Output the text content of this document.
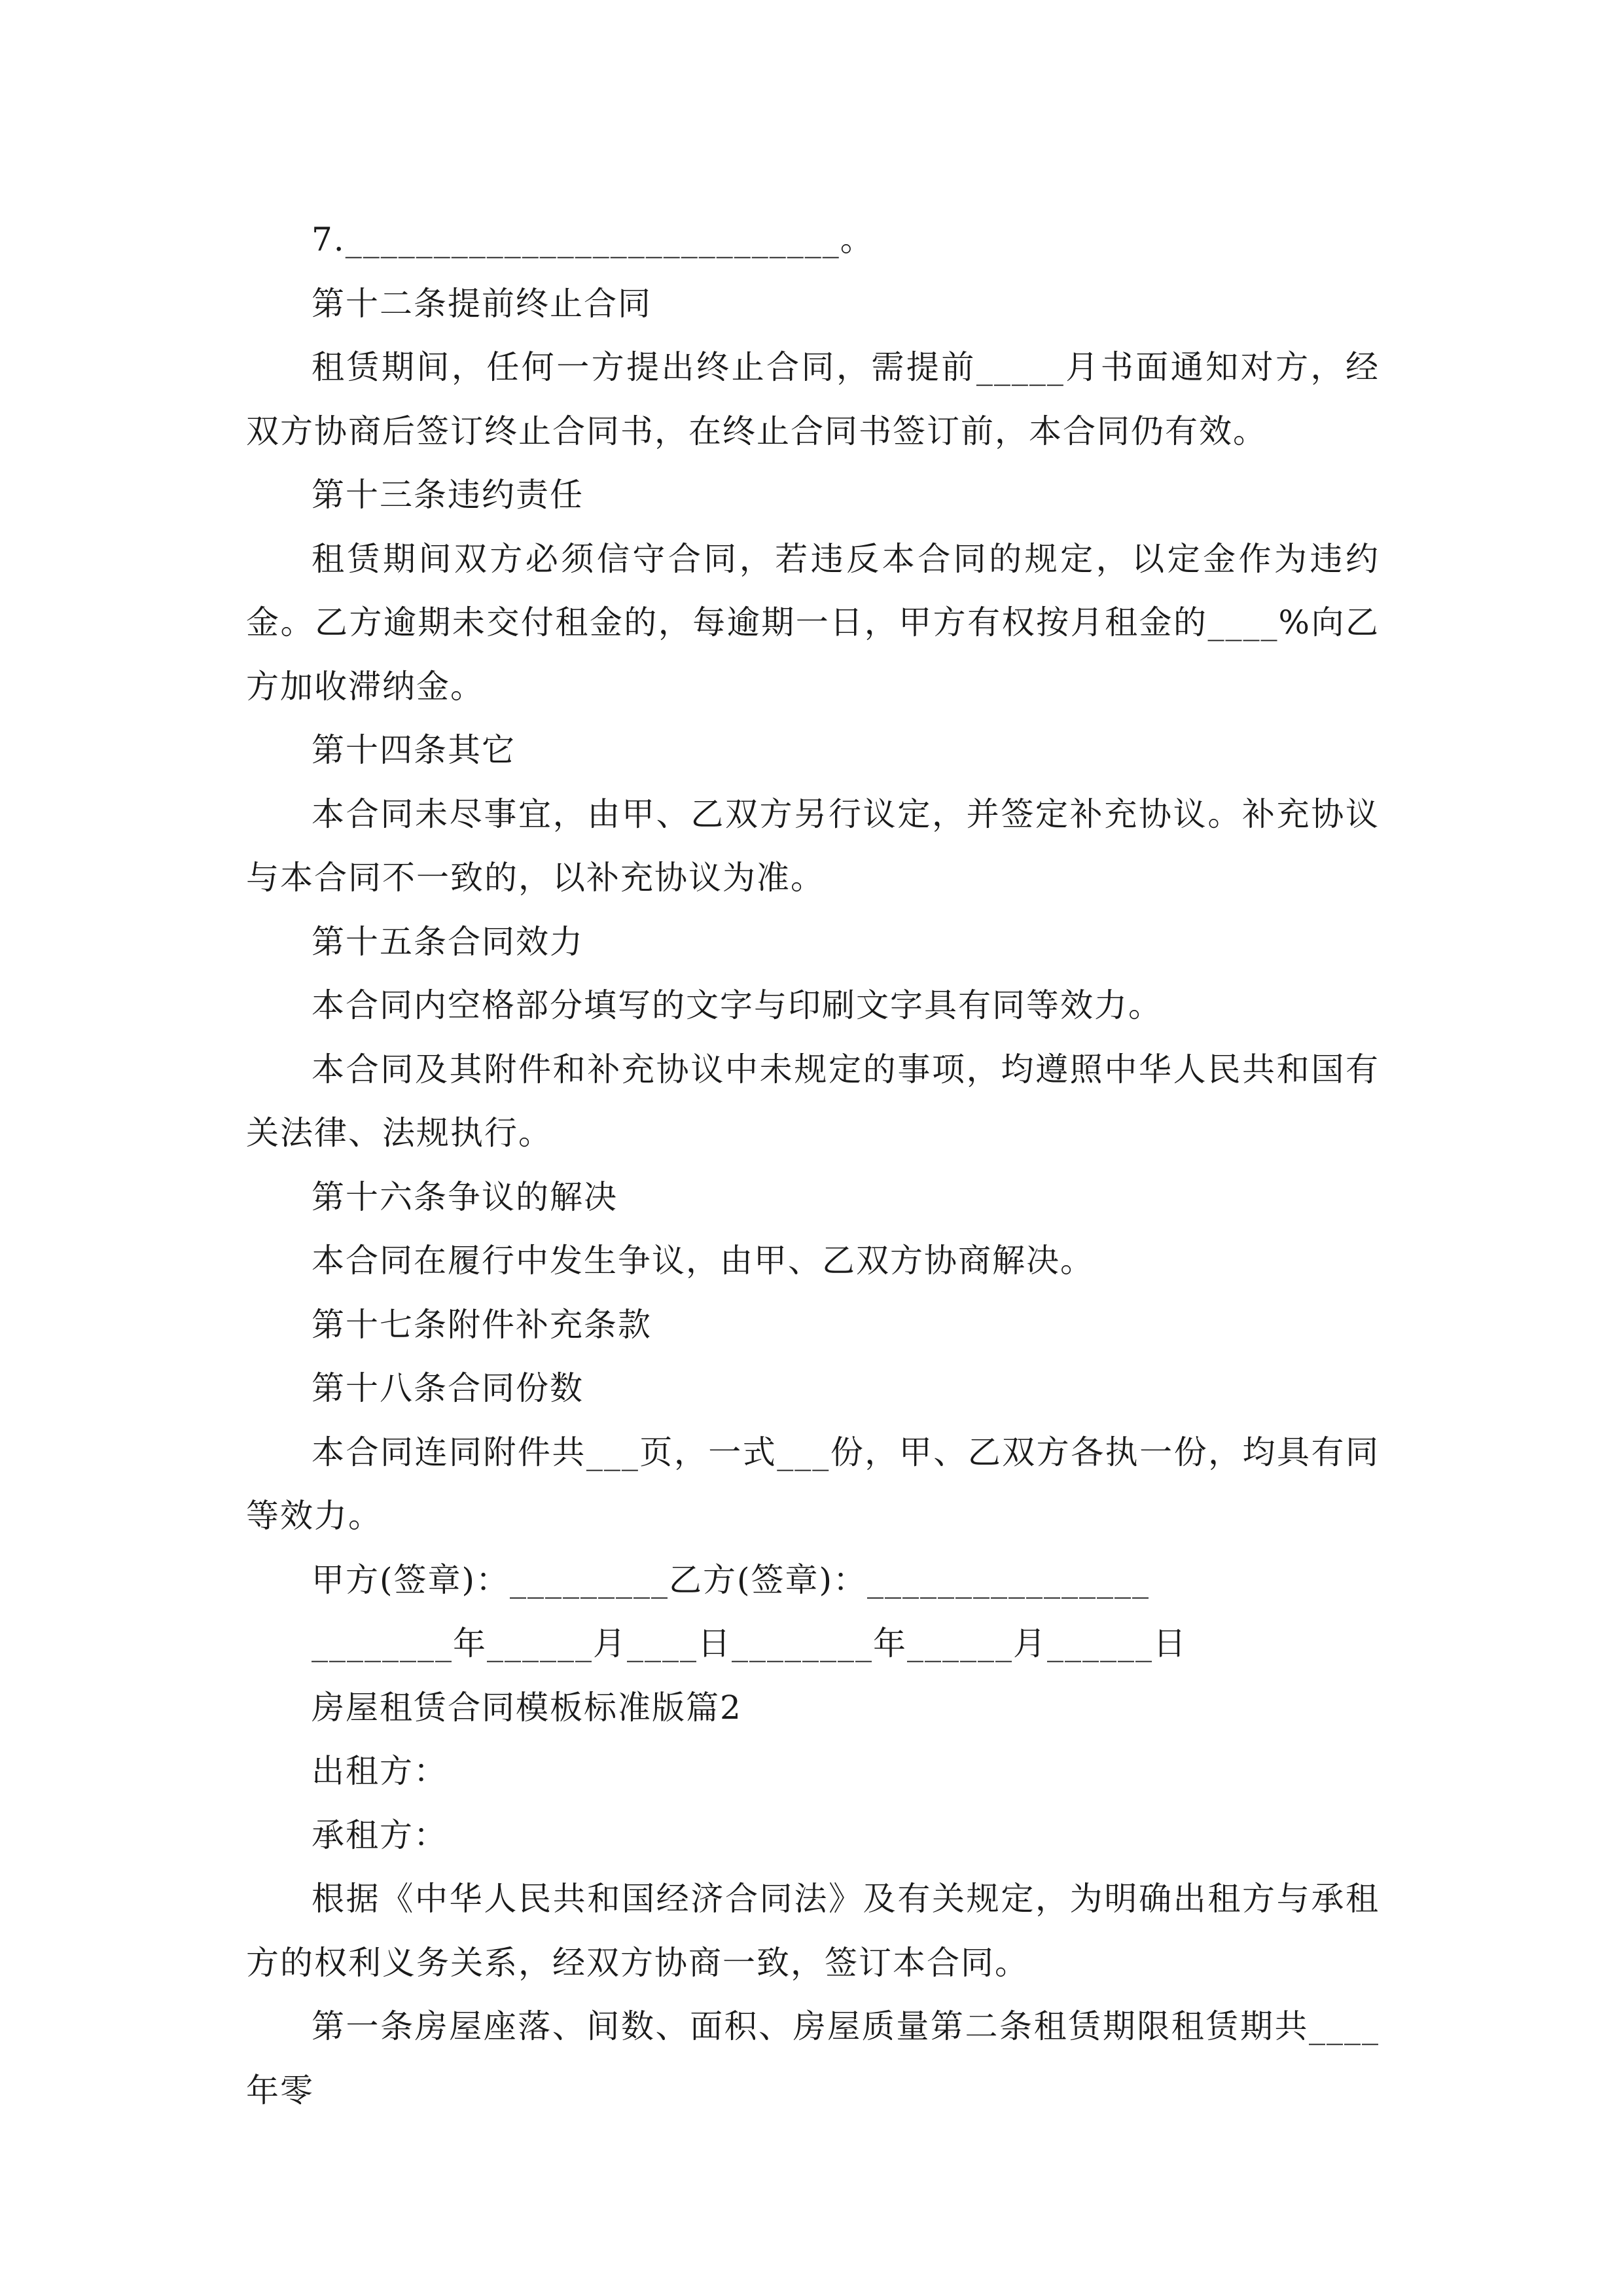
7.____________________________。

第十二条提前终止合同

租赁期间，任何一方提出终止合同，需提前_____月书面通知对方，经双方协商后签订终止合同书，在终止合同书签订前，本合同仍有效。

第十三条违约责任

租赁期间双方必须信守合同，若违反本合同的规定，以定金作为违约金。乙方逾期未交付租金的，每逾期一日，甲方有权按月租金的____%向乙方加收滞纳金。

第十四条其它

本合同未尽事宜，由甲、乙双方另行议定，并签定补充协议。补充协议与本合同不一致的，以补充协议为准。

第十五条合同效力

本合同内空格部分填写的文字与印刷文字具有同等效力。

本合同及其附件和补充协议中未规定的事项，均遵照中华人民共和国有关法律、法规执行。

第十六条争议的解决

本合同在履行中发生争议，由甲、乙双方协商解决。

第十七条附件补充条款

第十八条合同份数

本合同连同附件共___页，一式___份，甲、乙双方各执一份，均具有同等效力。

甲方(签章)：_________乙方(签章)：________________

________年______月____日________年______月______日

房屋租赁合同模板标准版篇2

出租方：

承租方：

根据《中华人民共和国经济合同法》及有关规定，为明确出租方与承租方的权利义务关系，经双方协商一致，签订本合同。

第一条房屋座落、间数、面积、房屋质量第二条租赁期限租赁期共____年零
